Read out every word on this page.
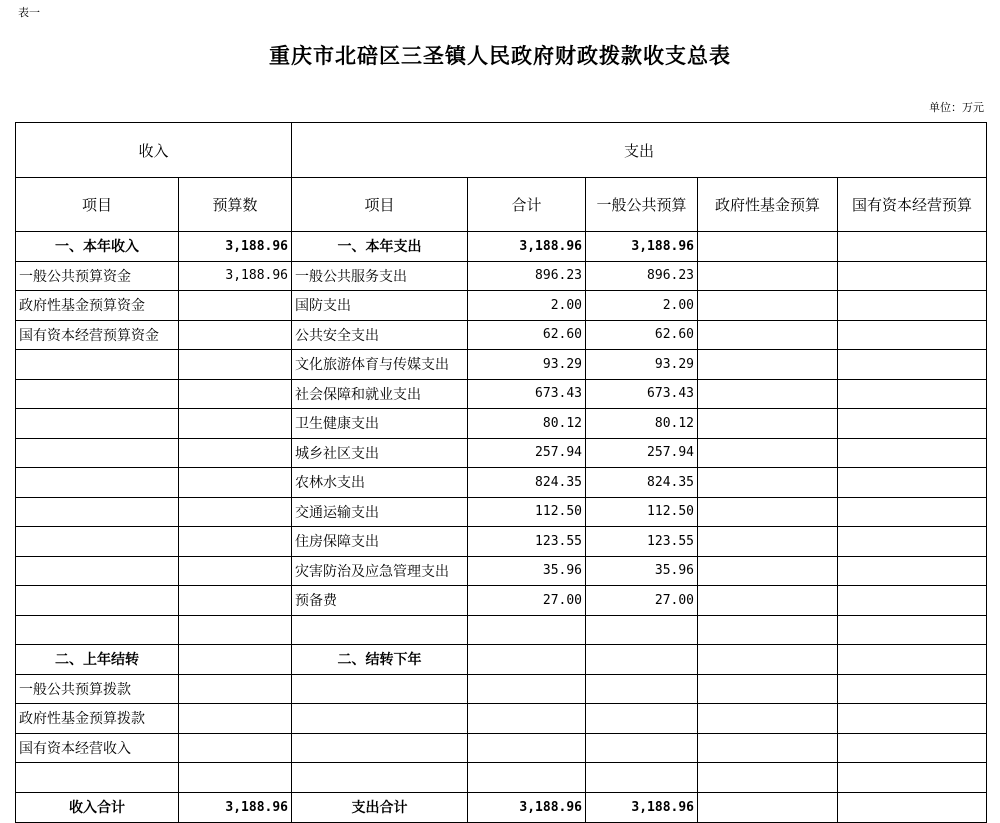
表一
重庆市北碚区三圣镇人民政府财政拨款收支总表
单位：万元
收入		支出				
项目	预算数	项目	合计	一般公共预算	政府性基金预算	国有资本经营预算
一、本年收入	3,188.96	一、本年支出	3,188.96	3,188.96		
一般公共预算资金	3,188.96	一般公共服务支出	896.23	896.23		
政府性基金预算资金		国防支出	2.00	2.00		
国有资本经营预算资金		公共安全支出	62.60	62.60		
		文化旅游体育与传媒支出	93.29	93.29		
		社会保障和就业支出	673.43	673.43		
		卫生健康支出	80.12	80.12		
		城乡社区支出	257.94	257.94		
		农林水支出	824.35	824.35		
		交通运输支出	112.50	112.50		
		住房保障支出	123.55	123.55		
		灾害防治及应急管理支出	35.96	35.96		
		预备费	27.00	27.00		

二、上年结转		二、结转下年				
一般公共预算拨款						
政府性基金预算拨款						
国有资本经营收入						

收入合计	3,188.96	支出合计	3,188.96	3,188.96		
